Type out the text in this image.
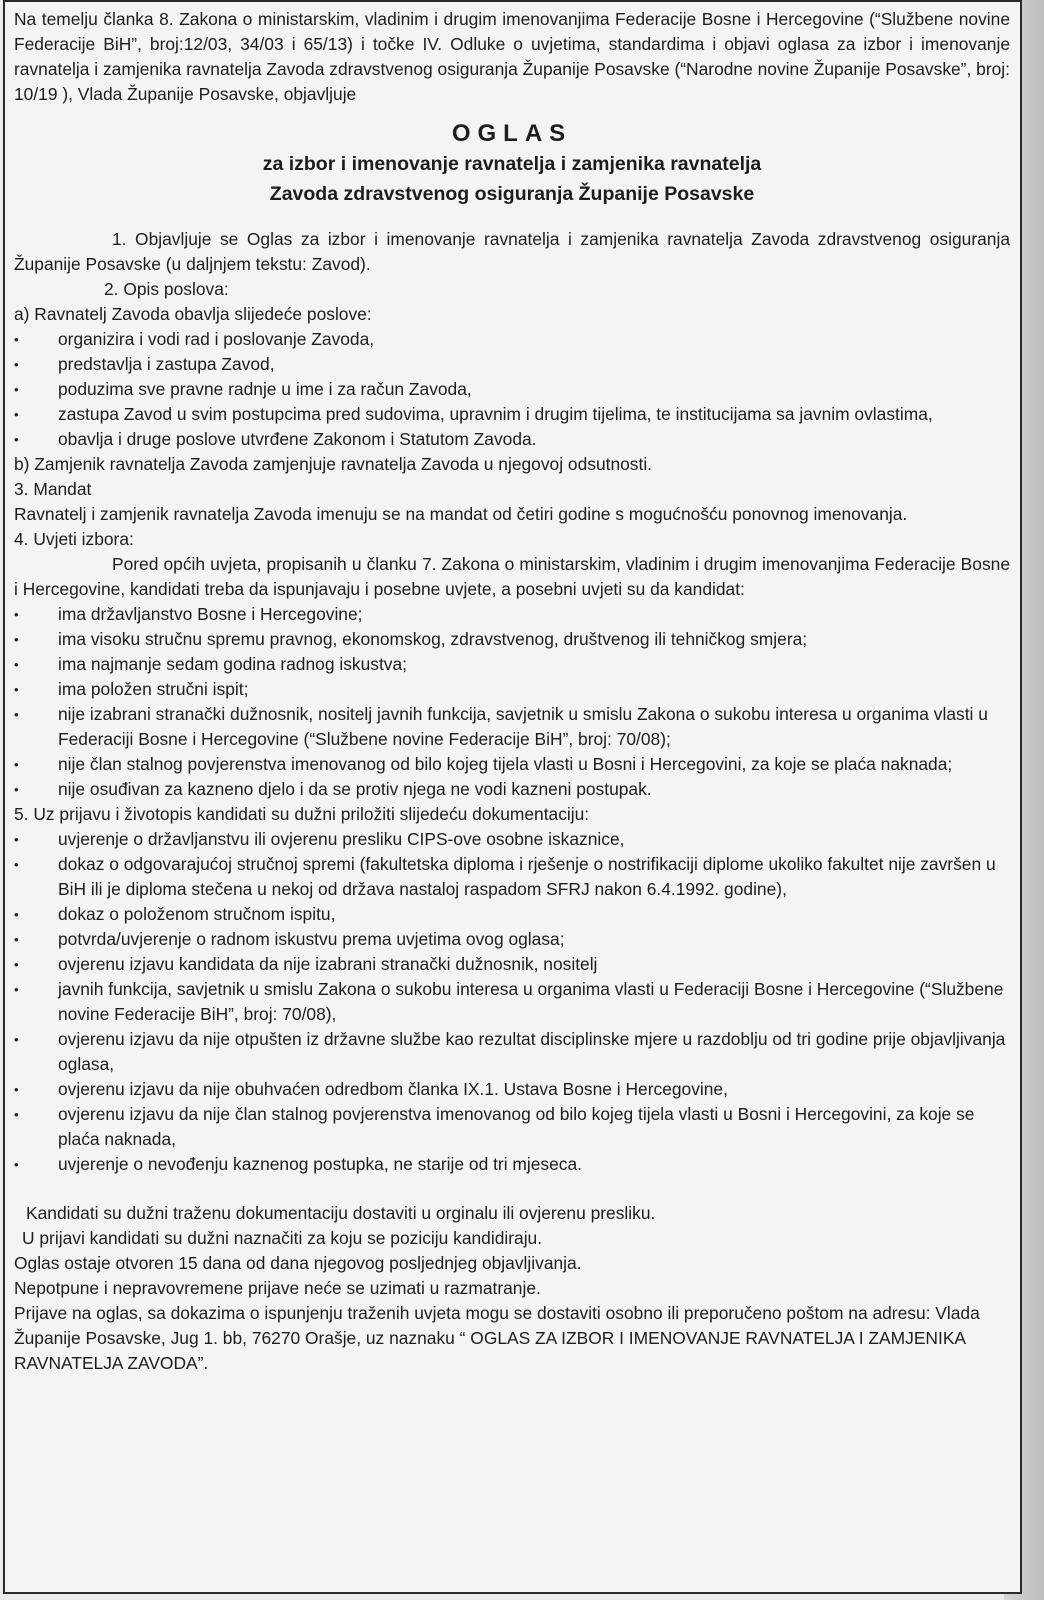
Na temelju članka 8. Zakona o ministarskim, vladinim i drugim imenovanjima Federacije Bosne i Hercegovine (“Službene novine Federacije BiH”, broj:12/03, 34/03 i 65/13) i točke IV. Odluke o uvjetima, standardima i objavi oglasa za izbor i imenovanje ravnatelja i zamjenika ravnatelja Zavoda zdravstvenog osiguranja Županije Posavske (“Narodne novine Županije Posavske”, broj: 10/19 ), Vlada Županije Posavske, objavljuje

OGLAS
za izbor i imenovanje ravnatelja i zamjenika ravnatelja
Zavoda zdravstvenog osiguranja Županije Posavske

1. Objavljuje se Oglas za izbor i imenovanje ravnatelja i zamjenika ravnatelja Zavoda zdravstvenog osiguranja Županije Posavske (u daljnjem tekstu: Zavod).

2. Opis poslova:

a) Ravnatelj Zavoda obavlja slijedeće poslove:

• organizira i vodi rad i poslovanje Zavoda,
• predstavlja i zastupa Zavod,
• poduzima sve pravne radnje u ime i za račun Zavoda,
• zastupa Zavod u svim postupcima pred sudovima, upravnim i drugim tijelima, te institucijama sa javnim ovlastima,
• obavlja i druge poslove utvrđene Zakonom i Statutom Zavoda.

b) Zamjenik ravnatelja Zavoda zamjenjuje ravnatelja Zavoda u njegovoj odsutnosti.

3. Mandat

Ravnatelj i zamjenik ravnatelja Zavoda imenuju se na mandat od četiri godine s mogućnošću ponovnog imenovanja.

4. Uvjeti izbora:

Pored općih uvjeta, propisanih u članku 7. Zakona o ministarskim, vladinim i drugim imenovanjima Federacije Bosne i Hercegovine, kandidati treba da ispunjavaju i posebne uvjete, a posebni uvjeti su da kandidat:

• ima državljanstvo Bosne i Hercegovine;
• ima visoku stručnu spremu pravnog, ekonomskog, zdravstvenog, društvenog ili tehničkog smjera;
• ima najmanje sedam godina radnog iskustva;
• ima položen stručni ispit;
• nije izabrani stranački dužnosnik, nositelj javnih funkcija, savjetnik u smislu Zakona o sukobu interesa u organima vlasti u Federaciji Bosne i Hercegovine (“Službene novine Federacije BiH”, broj: 70/08);
• nije član stalnog povjerenstva imenovanog od bilo kojeg tijela vlasti u Bosni i Hercegovini, za koje se plaća naknada;
• nije osuđivan za kazneno djelo i da se protiv njega ne vodi kazneni postupak.

5. Uz prijavu i životopis kandidati su dužni priložiti slijedeću dokumentaciju:

• uvjerenje o državljanstvu ili ovjerenu presliku CIPS-ove osobne iskaznice,
• dokaz o odgovarajućoj stručnoj spremi (fakultetska diploma i rješenje o nostrifikaciji diplome ukoliko fakultet nije završen u BiH ili je diploma stečena u nekoj od država nastaloj raspadom SFRJ nakon 6.4.1992. godine),
• dokaz o položenom stručnom ispitu,
• potvrda/uvjerenje o radnom iskustvu prema uvjetima ovog oglasa;
• ovjerenu izjavu kandidata da nije izabrani stranački dužnosnik, nositelj
• javnih funkcija, savjetnik u smislu Zakona o sukobu interesa u organima vlasti u Federaciji Bosne i Hercegovine (“Službene novine Federacije BiH”, broj: 70/08),
• ovjerenu izjavu da nije otpušten iz državne službe kao rezultat disciplinske mjere u razdoblju od tri godine prije objavljivanja oglasa,
• ovjerenu izjavu da nije obuhvaćen odredbom članka IX.1. Ustava Bosne i Hercegovine,
• ovjerenu izjavu da nije član stalnog povjerenstva imenovanog od bilo kojeg tijela vlasti u Bosni i Hercegovini, za koje se plaća naknada,
• uvjerenje o nevođenju kaznenog postupka, ne starije od tri mjeseca.

Kandidati su dužni traženu dokumentaciju dostaviti u orginalu ili ovjerenu presliku.

U prijavi kandidati su dužni naznačiti za koju se poziciju kandidiraju.

Oglas ostaje otvoren 15 dana od dana njegovog posljednjeg objavljivanja.

Nepotpune i nepravovremene prijave neće se uzimati u razmatranje.

Prijave na oglas, sa dokazima o ispunjenju traženih uvjeta mogu se dostaviti osobno ili preporučeno poštom na adresu: Vlada Županije Posavske, Jug 1. bb, 76270 Orašje, uz naznaku “ OGLAS ZA IZBOR I IMENOVANJE RAVNATELJA I ZAMJENIKA RAVNATELJA ZAVODA”.
